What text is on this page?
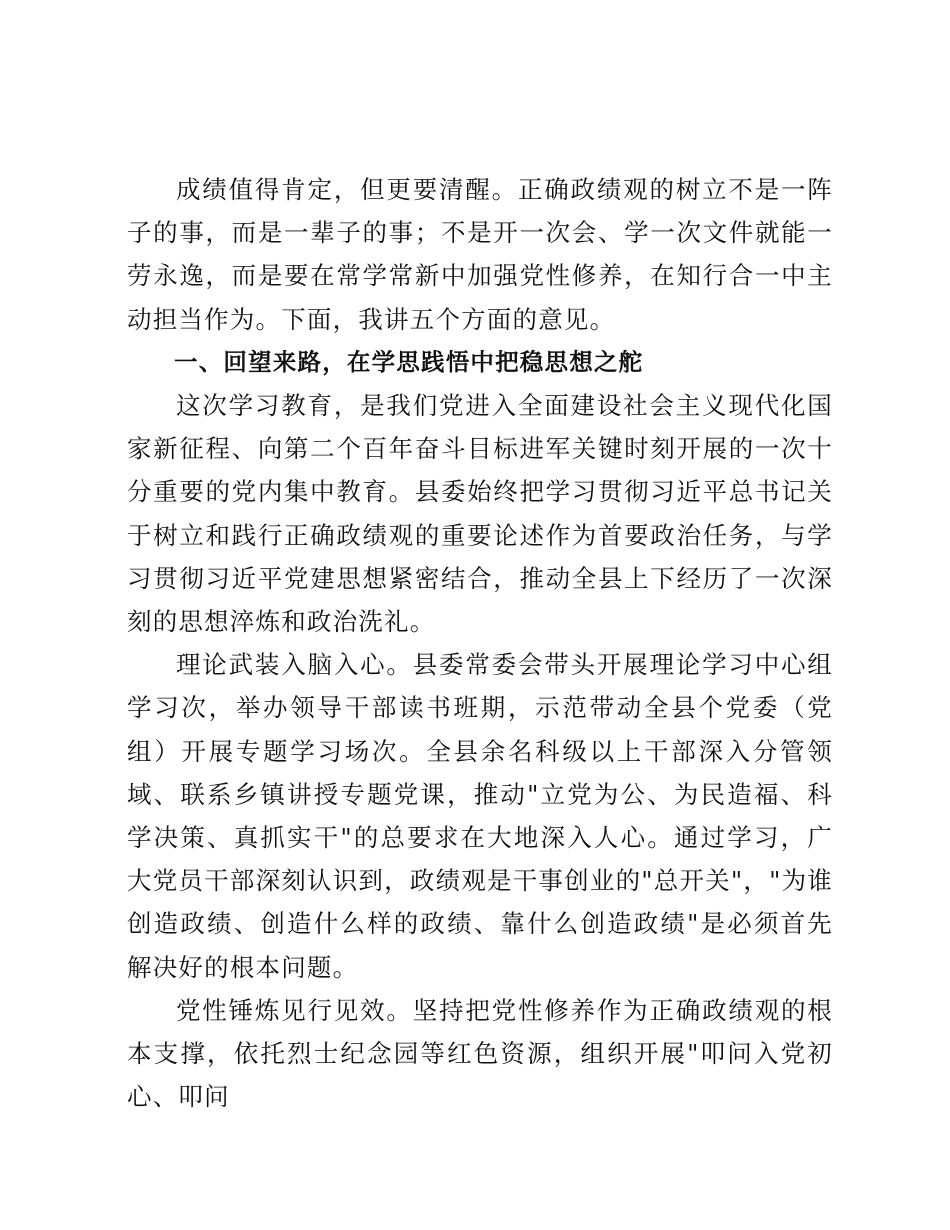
成绩值得肯定，但更要清醒。正确政绩观的树立不是一阵子的事，而是一辈子的事；不是开一次会、学一次文件就能一劳永逸，而是要在常学常新中加强党性修养，在知行合一中主动担当作为。下面，我讲五个方面的意见。

一、回望来路，在学思践悟中把稳思想之舵

这次学习教育，是我们党进入全面建设社会主义现代化国家新征程、向第二个百年奋斗目标进军关键时刻开展的一次十分重要的党内集中教育。县委始终把学习贯彻习近平总书记关于树立和践行正确政绩观的重要论述作为首要政治任务，与学习贯彻习近平党建思想紧密结合，推动全县上下经历了一次深刻的思想淬炼和政治洗礼。

理论武装入脑入心。县委常委会带头开展理论学习中心组学习次，举办领导干部读书班期，示范带动全县个党委（党组）开展专题学习场次。全县余名科级以上干部深入分管领域、联系乡镇讲授专题党课，推动"立党为公、为民造福、科学决策、真抓实干"的总要求在大地深入人心。通过学习，广大党员干部深刻认识到，政绩观是干事创业的"总开关"，"为谁创造政绩、创造什么样的政绩、靠什么创造政绩"是必须首先解决好的根本问题。

党性锤炼见行见效。坚持把党性修养作为正确政绩观的根本支撑，依托烈士纪念园等红色资源，组织开展"叩问入党初心、叩问
